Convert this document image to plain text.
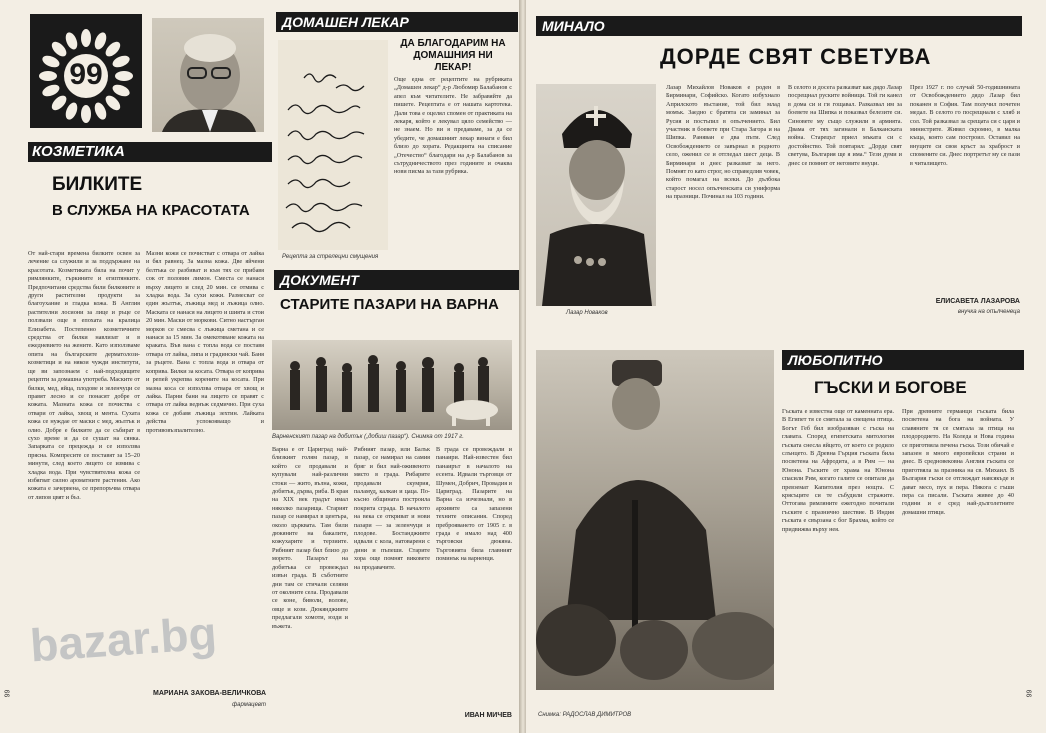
99
КОЗМЕТИКА
БИЛКИТЕ
В СЛУЖБА НА КРАСОТАТА
От най-стари времена билките освен за лечение са служили и за поддържане на красотата. Козметиката била на почит у римлянките, гъркините и египтянките. Предпочитани средства били билковите и други растителни продукти за благоухание и гладка кожа. В Англия растителни лосиони за лице и ръце се ползвали още в епохата на кралица Елизабета. Постепенно козметичните средства от билки навлизат и в ежедневието на жените. Като използваме опита на българските дерматолози-козметици и на някои чужди институти, ще ви запознаем с най-подходящите рецепти за домашна употреба. Маските от билки, мед, яйца, плодове и зеленчуци се правят лесно и се понасят добре от кожата. Мазната кожа се почиства с отвари от лайка, хвощ и мента. Сухата кожа се нуждае от маски с мед, жълтък и олио. Добре е билките да се събират в сухо време и да се сушат на сянка. Запарката се прецежда и се използва прясна. Компресите се поставят за 15–20 минути, след което лицето се измива с хладка вода. При чувствителна кожа се избягват силно ароматните растения. Ако кожата е зачервена, се препоръчва отвара от липов цвят и бъз.
Мазни кожи се почистват с отвара от лайка и бял равнец. За мазна кожа. Две яйчени белтъка се разбиват и към тях се прибавя сок от половин лимон. Сместа се нанася върху лицето и след 20 мин. се отмива с хладка вода. За сухи кожи. Размесват се един жълтък, лъжица мед и лъжица олио. Маската се нанася на лицето и шията и стои 20 мин. Маски от моркови. Ситно настърган морков се смесва с лъжица сметана и се нанася за 15 мин. За омекотяване кожата на краката. Във вана с топла вода се поставя отвара от лайка, липа и градински чай. Баня за ръцете. Вана с топла вода и отвара от коприва. Билки за косата. Отвара от коприва и репей укрепва корените на косата. При мазна коса се използва отвара от хвощ и лайка. Парни бани на лицето се правят с отвара от лайка веднъж седмично. При суха кожа се добавя лъжица зехтин. Лайката действа успокояващо и противовъзпалително.
bazar.bg
МАРИАНА ЗАКОВА-ВЕЛИЧКОВА
фармацевт
99
ДОМАШЕН ЛЕКАР
Рецепта за стрелецни смущения
ДА БЛАГОДАРИМ НА ДОМАШНИЯ НИ ЛЕКАР!
Още една от рецептите на рубриката „Домашен лекар“ д-р Любомир Балабанов с апел към читателите. Не забравяйте да пишете. Рецептата е от нашата картотека. Дали това е оцелял спомен от практиката на лекаря, който е лекувал цяло семейство — не знаем. Но ви я предаваме, за да се убедите, че домашният лекар винаги е бил близо до хората. Редакцията на списание „Отечество“ благодари на д-р Балабанов за сътрудничеството през годините и очаква нови писма за тази рубрика.
ДОКУМЕНТ
СТАРИТЕ ПАЗАРИ НА ВАРНА
Варненският пазар на добитък („добиш пазар“). Снимка от 1917 г.
Варна е от Цариград най-близкият голям пазар, в който се продавали и купували най-различни стоки — жито, вълна, кожи, добитък, дърва, риба. В края на XIX век градът имал няколко пазарища. Старият пазар се намирал в центъра, около църквата. Там били дюкяните на бакалите, кожухарите и терзиите. Рибният пазар бил близо до морето. Пазарът на добитъка се провеждал извън града. В съботните дни там се стичали селяни от околните села. Продавали се коне, биволи, волове, овце и кози. Дюкянджиите предлагали хомоти, юзди и въжета.
Рибният пазар, или Балък пазар, се намирал на самия бряг и бил най-оживеното място в града. Рибарите продавали скумрия, паламуд, калкан и цаца. По-късно общината построила покрита сграда. В началото на века се откриват и нови пазари — за зеленчуци и плодове. Бостанджиите идвали с кола, натоварени с дини и пъпеши. Старите хора още помнят виковете на продавачите.
В града се провеждали и панаири. Най-известен бил панаирът в началото на есента. Идвали търговци от Шумен, Добрич, Провадия и Цариград. Пазарите на Варна са изчезнали, но в архивите са запазени техните описания. Според преброяването от 1905 г. в града е имало над 400 търговски дюкяна. Търговията била главният поминък на варненци.
ИВАН МИЧЕВ
МИНАЛО
ДОРДЕ СВЯТ СВЕТУВА
Лазар Новаков
Лазар Михайлов Новаков е роден в Бирминари, Софийско. Когато избухнало Априлското въстание, той бил млад момък. Заедно с братята си заминал за Русия и постъпил в опълчението. Бил участник в боевете при Стара Загора и на Шипка. Раняван е два пъти. След Освобождението се завърнал в родното село, оженил се и отгледал шест деца. В Бирминари и днес разказват за него. Помнят го като строг, но справедлив човек, който помагал на всеки. До дълбока старост носел опълченската си униформа на празници. Починал на 103 години.
В селото и досега разказват как дядо Лазар посрещнал руските войници. Той ги канел в дома си и ги гощавал. Разказвал им за боевете на Шипка и показвал белезите си. Синовете му също служили в армията. Двама от тях загинали в Балканската война. Старецът приел мъката си с достойнство. Той повтарял: „Дорде свят светува, България ще я има.“ Тези думи и днес се помнят от неговите внуци.
През 1927 г. по случай 50-годишнината от Освобождението дядо Лазар бил поканен в София. Там получил почетен медал. В селото го посрещнали с хляб и сол. Той разказвал за срещата си с царя и министрите. Живял скромно, в малка къща, която сам построил. Оставил на внуците си своя кръст за храброст и спомените си. Днес портретът му се пази в читалището.
ЕЛИСАВЕТА ЛАЗАРОВА
внучка на опълченеца
Снимка: РАДОСЛАВ ДИМИТРОВ
ЛЮБОПИТНО
ГЪСКИ И БОГОВЕ
Гъската е известна още от каменната ера. В Египет тя се смятала за свещена птица. Богът Геб бил изобразяван с гъска на главата. Според египетската митология гъската снесла яйцето, от което се родило слънцето. В Древна Гърция гъската била посветена на Афродита, а в Рим — на Юнона. Гъските от храма на Юнона спасили Рим, когато галите се опитали да превземат Капитолия през нощта. С крясъците си те събудили стражите. Оттогава римляните ежегодно почитали гъските с празнично шествие. В Индия гъската е свързана с бог Брахма, който се придвижва върху нея.
При древните германци гъската била посветена на бога на войната. У славяните тя се смятала за птица на плодородието. На Коледа и Нова година се приготвяла печена гъска. Този обичай е запазен в много европейски страни и днес. В средновековна Англия гъската се приготвяла за празника на св. Михаил. В България гъски се отглеждат навсякъде и дават месо, пух и пера. Някога с гъши пера са писали. Гъската живее до 40 години и е сред най-дълголетните домашни птици.
99
